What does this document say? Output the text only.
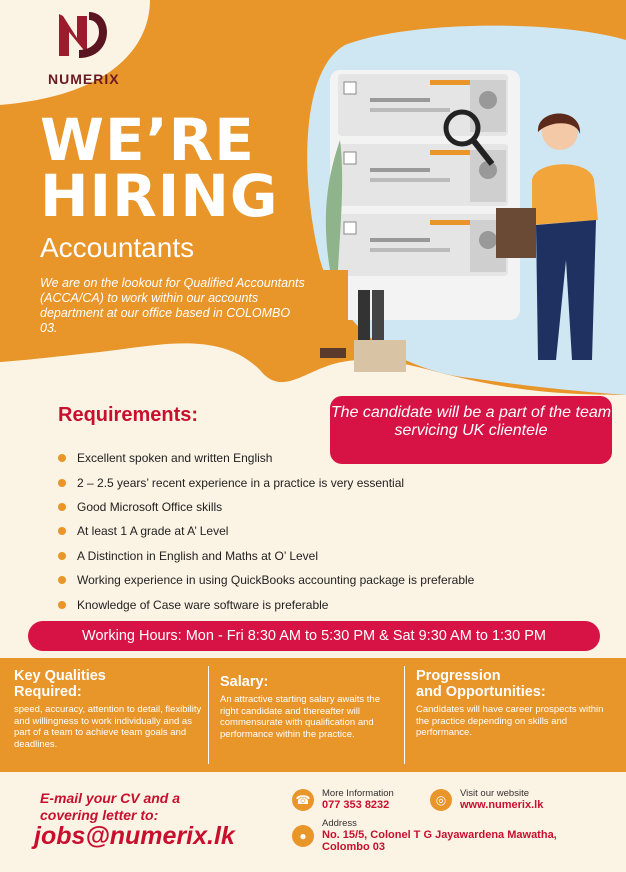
NUMERIX
WE’RE
HIRING
Accountants
We are on the lookout for Qualified Accountants (ACCA/CA) to work within our accounts department at our office based in COLOMBO 03.
Requirements:	The candidate will be a part of the team servicing UK clientele
Excellent spoken and written English
2 – 2.5 years’ recent experience in a practice is very essential
Good Microsoft Office skills
At least 1 A grade at A’ Level
A Distinction in English and Maths at O’ Level
Working experience in using QuickBooks accounting package is preferable
Knowledge of Case ware software is preferable
Working Hours: Mon - Fri 8:30 AM to 5:30 PM & Sat 9:30 AM to 1:30 PM
Key Qualities
Required:

speed, accuracy, attention to detail, flexibility and willingness to work individually and as part of a team to achieve team goals and deadlines.

Salary:

An attractive starting salary awaits the right candidate and thereafter will commensurate with qualification and performance within the practice.

Progression
and Opportunities:

Candidates will have career prospects within the practice depending on skills and performance.

E-mail your CV and a
covering letter to:
jobs@numerix.lk
☎	More Information
077 353 8232	◎	Visit our website
www.numerix.lk
●
Address
No. 15/5, Colonel T G Jayawardena Mawatha,
Colombo 03
